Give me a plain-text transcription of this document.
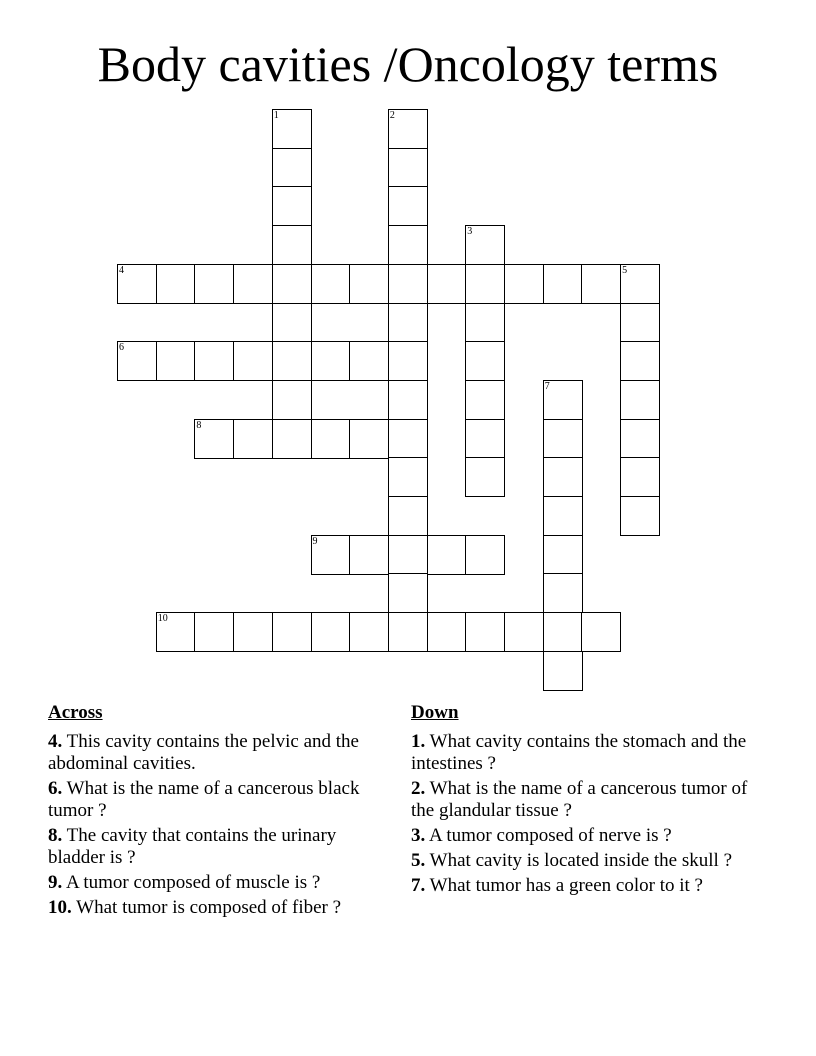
Body cavities /Oncology terms
1	2
3
4	5
6
7
8
9
10
Across
4. This cavity contains the pelvic and the abdominal cavities.
6. What is the name of a cancerous black tumor ?
8. The cavity that contains the urinary bladder is ?
9. A tumor composed of muscle is ?
10. What tumor is composed of fiber ?
Down
1. What cavity contains the stomach and the intestines ?
2. What is the name of a cancerous tumor of the glandular tissue ?
3. A tumor composed of nerve is ?
5. What cavity is located inside the skull ?
7. What tumor has a green color to it ?
